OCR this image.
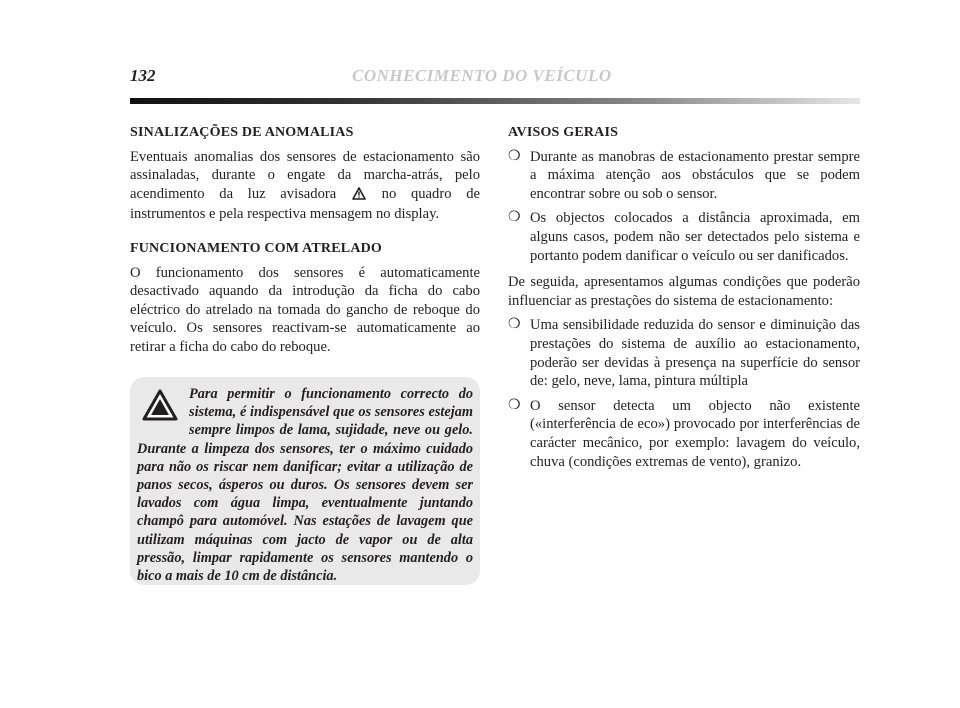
132	CONHECIMENTO DO VEÍCULO
SINALIZAÇÕES DE ANOMALIAS

Eventuais anomalias dos sensores de estacionamento são assinaladas, durante o engate da marcha-atrás, pelo acendimento da luz avisadora	no quadro de instrumentos e pela respectiva mensagem no display.

FUNCIONAMENTO COM ATRELADO

O funcionamento dos sensores é automaticamente desactivado aquando da introdução da ficha do cabo eléctrico do atrelado na tomada do gancho de reboque do veículo. Os sensores reactivam-se automaticamente ao retirar a ficha do cabo do reboque.

Para permitir o funcionamento correcto do sistema, é indispensável que os sensores estejam sempre limpos de lama, sujidade, neve ou gelo. Durante a limpeza dos sensores, ter o máximo cuidado para não os riscar nem danificar; evitar a utilização de panos secos, ásperos ou duros. Os sensores devem ser lavados com água limpa, eventualmente juntando champô para automóvel. Nas estações de lavagem que utilizam máquinas com jacto de vapor ou de alta pressão, limpar rapidamente os sensores mantendo o bico a mais de 10 cm de distância.
AVISOS GERAIS
❍ Durante as manobras de estacionamento prestar sempre a máxima atenção aos obstáculos que se podem encontrar sobre ou sob o sensor.
❍ Os objectos colocados a distância aproximada, em alguns casos, podem não ser detectados pelo sistema e portanto podem danificar o veículo ou ser danificados.

De seguida, apresentamos algumas condições que poderão influenciar as prestações do sistema de estacionamento:

❍ Uma sensibilidade reduzida do sensor e diminuição das prestações do sistema de auxílio ao estacionamento, poderão ser devidas à presença na superfície do sensor de: gelo, neve, lama, pintura múltipla
❍ O sensor detecta um objecto não existente («interferência de eco») provocado por interferências de carácter mecânico, por exemplo: lavagem do veículo, chuva (condições extremas de vento), granizo.
